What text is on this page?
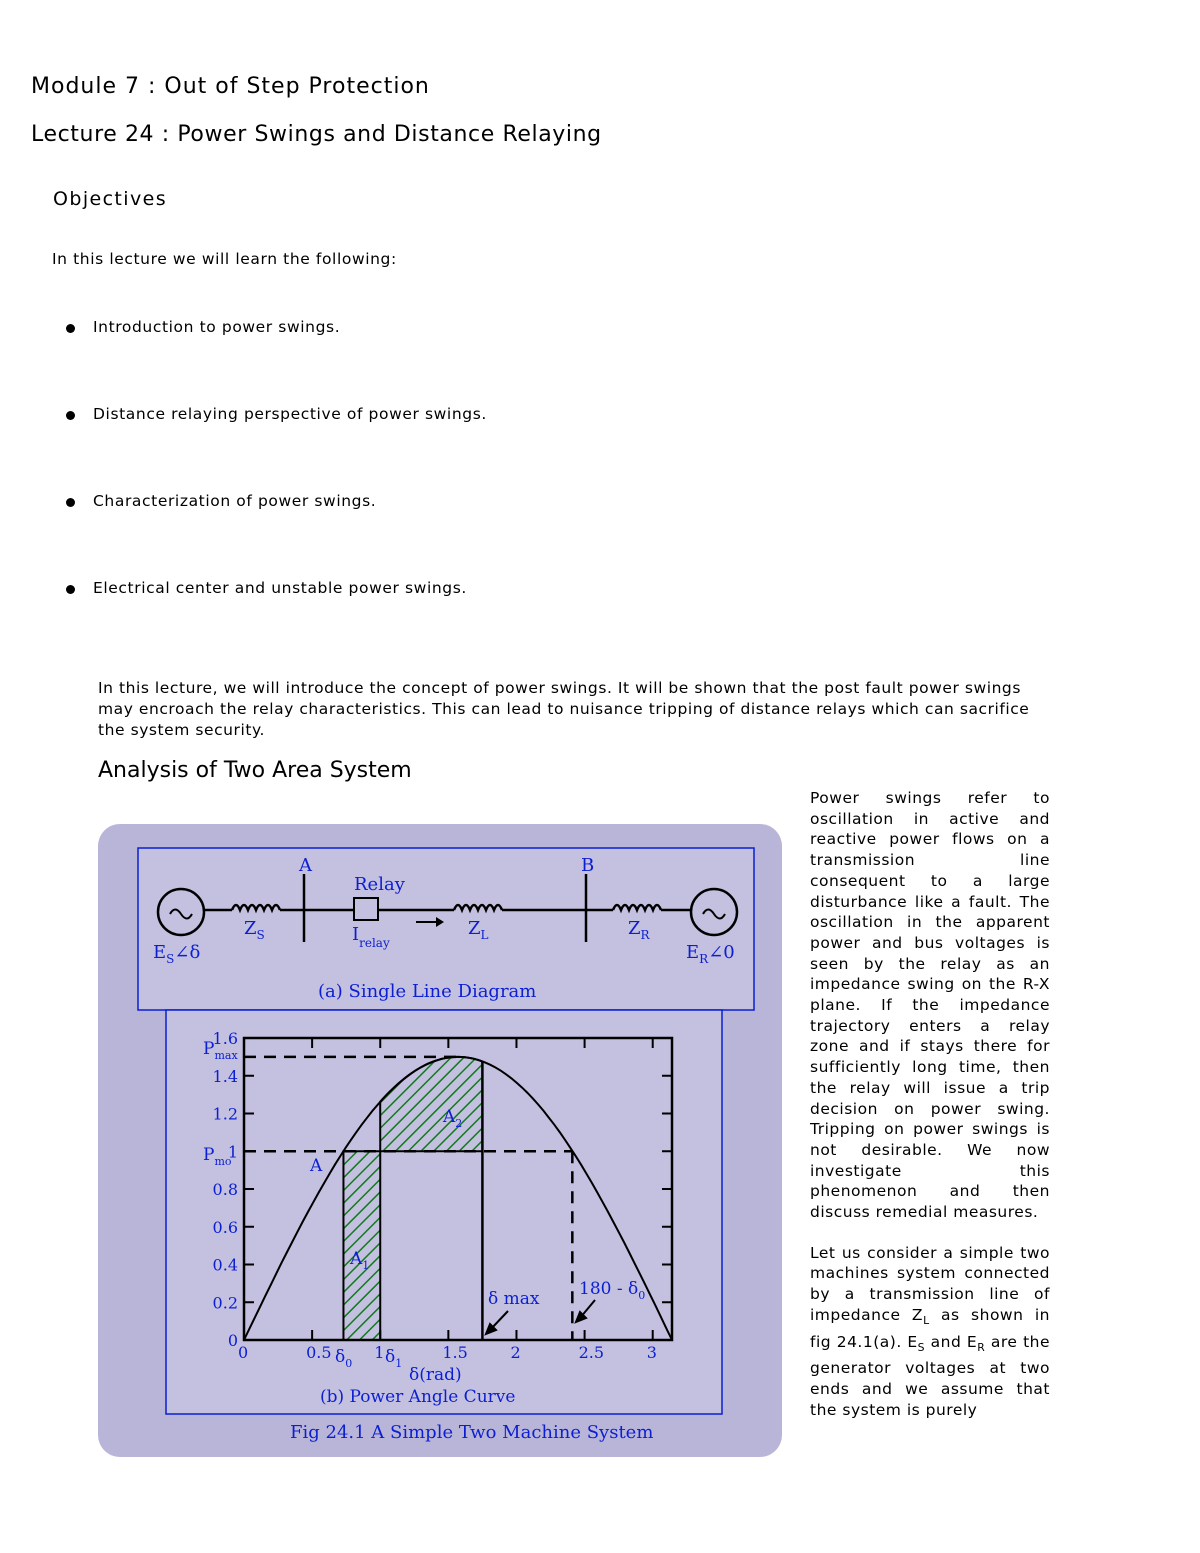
Module 7 : Out of Step Protection
Lecture 24 : Power Swings and Distance Relaying
Objectives
In this lecture we will learn the following:
Introduction to power swings.
Distance relaying perspective of power swings.
Characterization of power swings.
Electrical center and unstable power swings.
In this lecture, we will introduce the concept of power swings. It will be shown that the post fault power swings may encroach the relay characteristics. This can lead to nuisance tripping of distance relays which can sacrifice the system security.
Analysis of Two Area System

Power swings refer to oscillation in active and reactive power flows on a transmission line consequent to a large disturbance like a fault. The oscillation in the apparent power and bus voltages is seen by the relay as an impedance swing on the R-X plane. If the impedance trajectory enters a relay zone and if stays there for sufficiently long time, then the relay will issue a trip decision on power swing. Tripping on power swings is not desirable. We now investigate this phenomenon and then discuss remedial measures.

Let us consider a simple two machines system connected by a transmission line of impedance $Z_L$ as shown in fig 24.1(a). $E_S$ and $E_R$ are the generator voltages at two ends and we assume that the system is purely

A	B
Relay
$Z_S$	$Z_L$	$Z_R$
$I_{relay}$
$E_S\angle\delta$	$E_R\angle 0$
(a) Single Line Diagram
0	0.5	1	1.5	2	2.5	3
0
0.2
0.4
0.6
0.8
1
1.2
1.4
1.6
$P_{max}$
$P_{mo}$	A
$A_1$
$A_2$
δ $\max 180 - \delta_0$
$\delta_0$ $\delta_1$
δ(rad)
(b) Power Angle Curve
Fig 24.1 A Simple Two Machine System
